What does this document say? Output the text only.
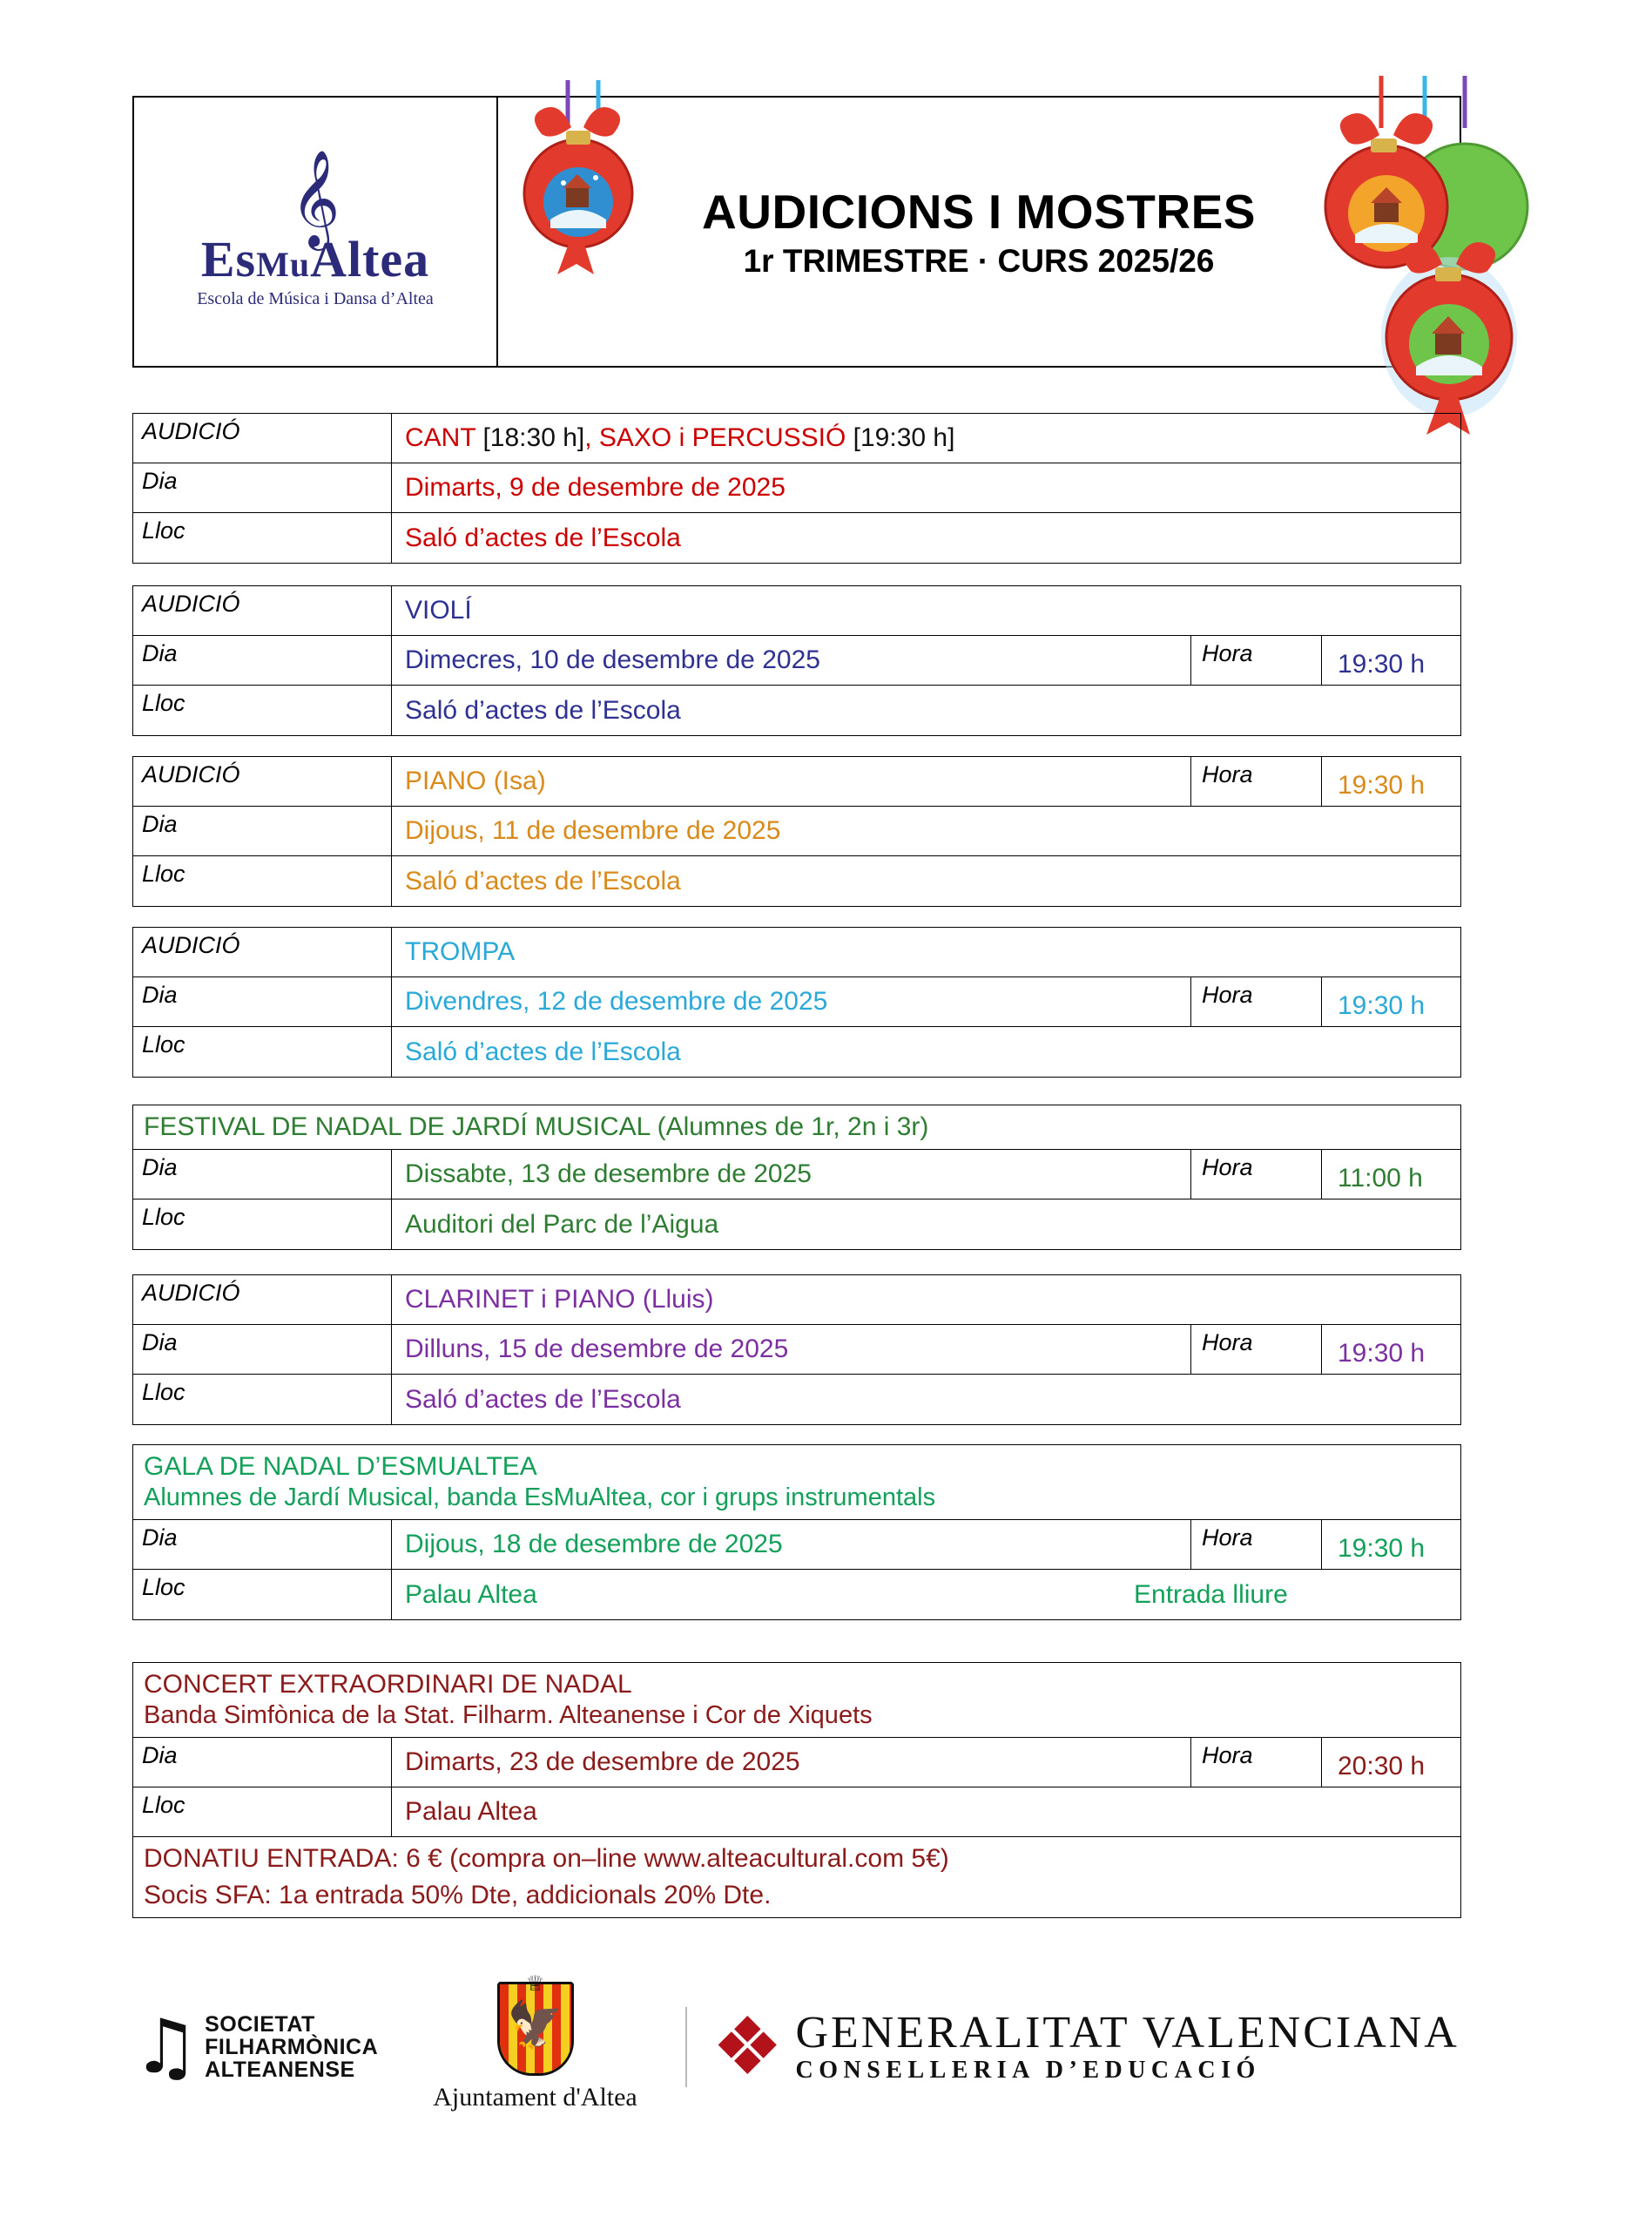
𝄞
EsMuAltea
Escola de Música i Dansa d’Altea
AUDICIONS I MOSTRES
1r TRIMESTRE · CURS 2025/26
AUDICIÓ	CANT [18:30 h], SAXO i PERCUSSIÓ [19:30 h]
Dia	Dimarts, 9 de desembre de 2025
Lloc	Saló d’actes de l’Escola
AUDICIÓ	VIOLÍ
Dia	Dimecres, 10 de desembre de 2025	Hora	19:30 h
Lloc	Saló d’actes de l’Escola
AUDICIÓ	PIANO (Isa)	Hora	19:30 h
Dia	Dijous, 11 de desembre de 2025
Lloc	Saló d’actes de l’Escola
AUDICIÓ	TROMPA
Dia	Divendres, 12 de desembre de 2025	Hora	19:30 h
Lloc	Saló d’actes de l’Escola
FESTIVAL DE NADAL DE JARDÍ MUSICAL (Alumnes de 1r, 2n i 3r)
Dia	Dissabte, 13 de desembre de 2025	Hora	11:00 h
Lloc	Auditori del Parc de l’Aigua
AUDICIÓ	CLARINET i PIANO (Lluis)
Dia	Dilluns, 15 de desembre de 2025	Hora	19:30 h
Lloc	Saló d’actes de l’Escola
GALA DE NADAL D’ESMUALTEA
Alumnes de Jardí Musical, banda EsMuAltea, cor i grups instrumentals
Dia	Dijous, 18 de desembre de 2025	Hora	19:30 h
Lloc	Palau Altea	Entrada lliure
CONCERT EXTRAORDINARI DE NADAL
Banda Simfònica de la Stat. Filharm. Alteanense i Cor de Xiquets
Dia	Dimarts, 23 de desembre de 2025	Hora	20:30 h
Lloc	Palau Altea
DONATIU ENTRADA: 6 € (compra on–line www.alteacultural.com 5€)
Socis SFA: 1a entrada 50% Dte, addicionals 20% Dte.
♫ SOCIETAT
FILHARMÒNICA
ALTEANENSE
🦅
♕
Ajuntament d'Altea
❖ GENERALITAT VALENCIANA
CONSELLERIA D’EDUCACIÓ
